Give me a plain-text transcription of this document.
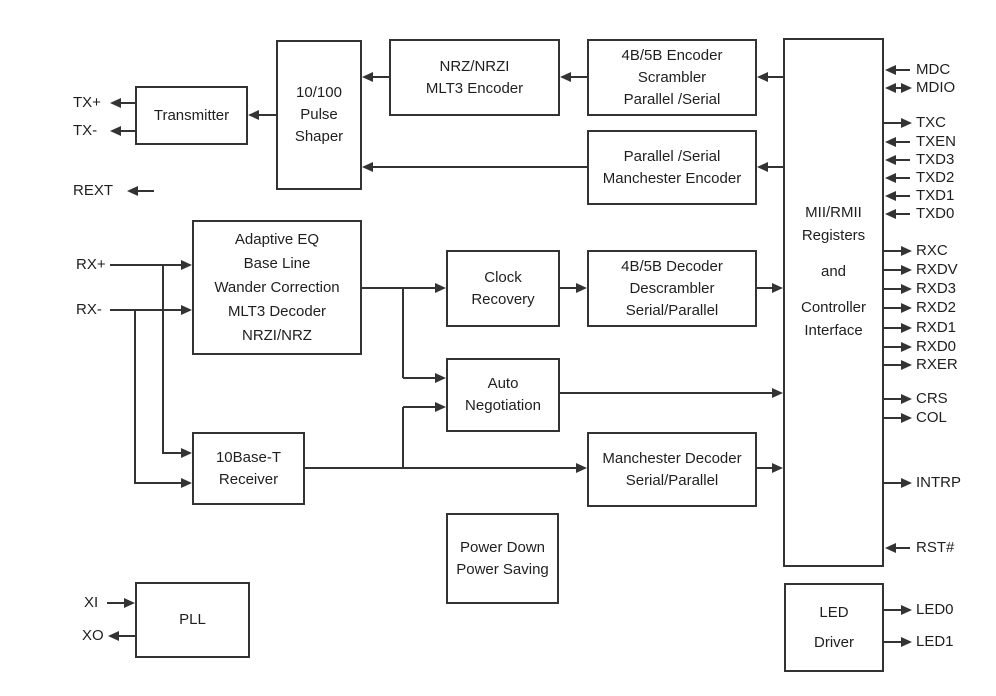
Transmitter
10/100
Pulse
Shaper
NRZ/NRZI
MLT3 Encoder
4B/5B Encoder
Scrambler
Parallel /Serial
Parallel /Serial
Manchester Encoder
Adaptive EQ
Base Line
Wander Correction
MLT3 Decoder
NRZI/NRZ
Clock
Recovery
4B/5B Decoder
Descrambler
Serial/Parallel
Auto
Negotiation
10Base-T
Receiver
Manchester Decoder
Serial/Parallel
Power Down
Power Saving
PLL
MII/RMII
Registers
and
Controller
Interface
LED
Driver
TX+
TX-
REXT
RX+
RX-
XI
XO
MDC
MDIO
TXC
TXEN
TXD3
TXD2
TXD1
TXD0
RXC
RXDV
RXD3
RXD2
RXD1
RXD0
RXER
CRS
COL
INTRP
RST#
LED0
LED1
